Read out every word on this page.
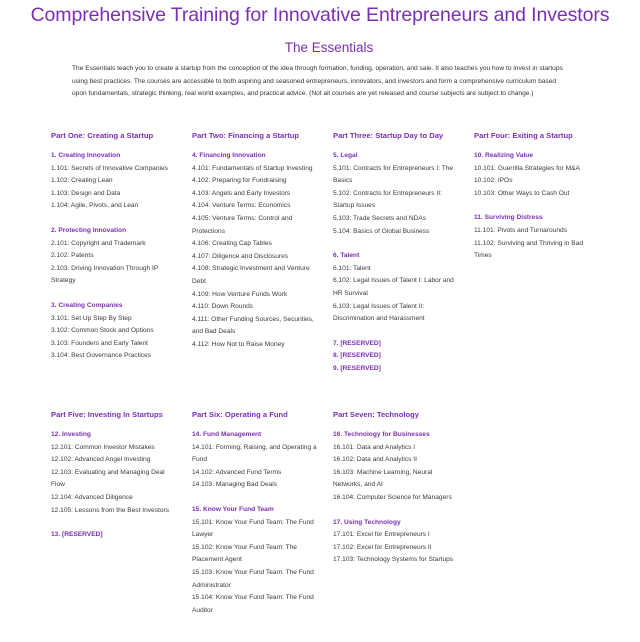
Comprehensive Training for Innovative Entrepreneurs and Investors
The Essentials
The Essentials teach you to create a startup from the conception of the idea through formation, funding, operation, and sale. It also teaches you how to invest in startups using best practices. The courses are accessible to both aspiring and seasoned entrepreneurs, innovators, and investors and form a comprehensive curriculum based upon fundamentals, strategic thinking, real world examples, and practical advice. (Not all courses are yet released and course subjects are subject to change.)
Part One: Creating a Startup
1. Creating Innovation
1.101: Secrets of Innovative Companies
1.102: Creating Lean
1.103: Design and Data
1.104: Agile, Pivots, and Lean
2. Protecting Innovation
2.101: Copyright and Trademark
2.102: Patents
2.103: Driving Innovation Through IP Strategy
3. Creating Companies
3.101: Set Up Step By Step
3.102: Common Stock and Options
3.103: Founders and Early Talent
3.104: Best Governance Practices
Part Two: Financing a Startup
4. Financing Innovation
4.101: Fundamentals of Startup Investing
4.102: Preparing for Fundraising
4.103: Angels and Early Investors
4.104: Venture Terms: Economics
4.105: Venture Terms: Control and Protections
4.106: Creating Cap Tables
4.107: Diligence and Disclosures
4.108: Strategic Investment and Venture Debt
4.109: How Venture Funds Work
4.110: Down Rounds
4.111: Other Funding Sources, Securities, and Bad Deals
4.112: How Not to Raise Money
Part Three: Startup Day to Day
5. Legal
5.101: Contracts for Entrepreneurs I: The Basics
5.102: Contracts for Entrepreneurs II: Startup Issues
5.103: Trade Secrets and NDAs
5.104: Basics of Global Business
6. Talent
6.101: Talent
6.102: Legal Issues of Talent I: Labor and HR Survival
6.103: Legal Issues of Talent II: Discrimination and Harassment
7. [RESERVED]
8. [RESERVED]
9. [RESERVED]
Part Four: Exiting a Startup
10. Realizing Value
10.101: Guerrilla Strategies for M&A
10.102: IPOs
10.103: Other Ways to Cash Out
11. Surviving Distress
11.101: Pivots and Turnarounds
11.102: Surviving and Thriving in Bad Times
Part Five: Investing In Startups
12. Investing
12.101: Common Investor Mistakes
12.102: Advanced Angel Investing
12.103: Evaluating and Managing Deal Flow
12.104: Advanced Diligence
12.105: Lessons from the Best Investors
13. [RESERVED]
Part Six: Operating a Fund
14. Fund Management
14.101: Forming, Raising, and Operating a Fund
14.102: Advanced Fund Terms
14.103: Managing Bad Deals
15. Know Your Fund Team
15.101: Know Your Fund Team: The Fund Lawyer
15.102: Know Your Fund Team: The Placement Agent
15.103: Know Your Fund Team: The Fund Administrator
15.104: Know Your Fund Team: The Fund Auditor
Part Seven: Technology
16. Technology for Businesses
16.101: Data and Analytics I
16.102: Data and Analytics II
16.103: Machine Learning, Neural Networks, and AI
16.104: Computer Science for Managers
17. Using Technology
17.101: Excel for Entrepreneurs I
17.102: Excel for Entrepreneurs II
17.103: Technology Systems for Startups
